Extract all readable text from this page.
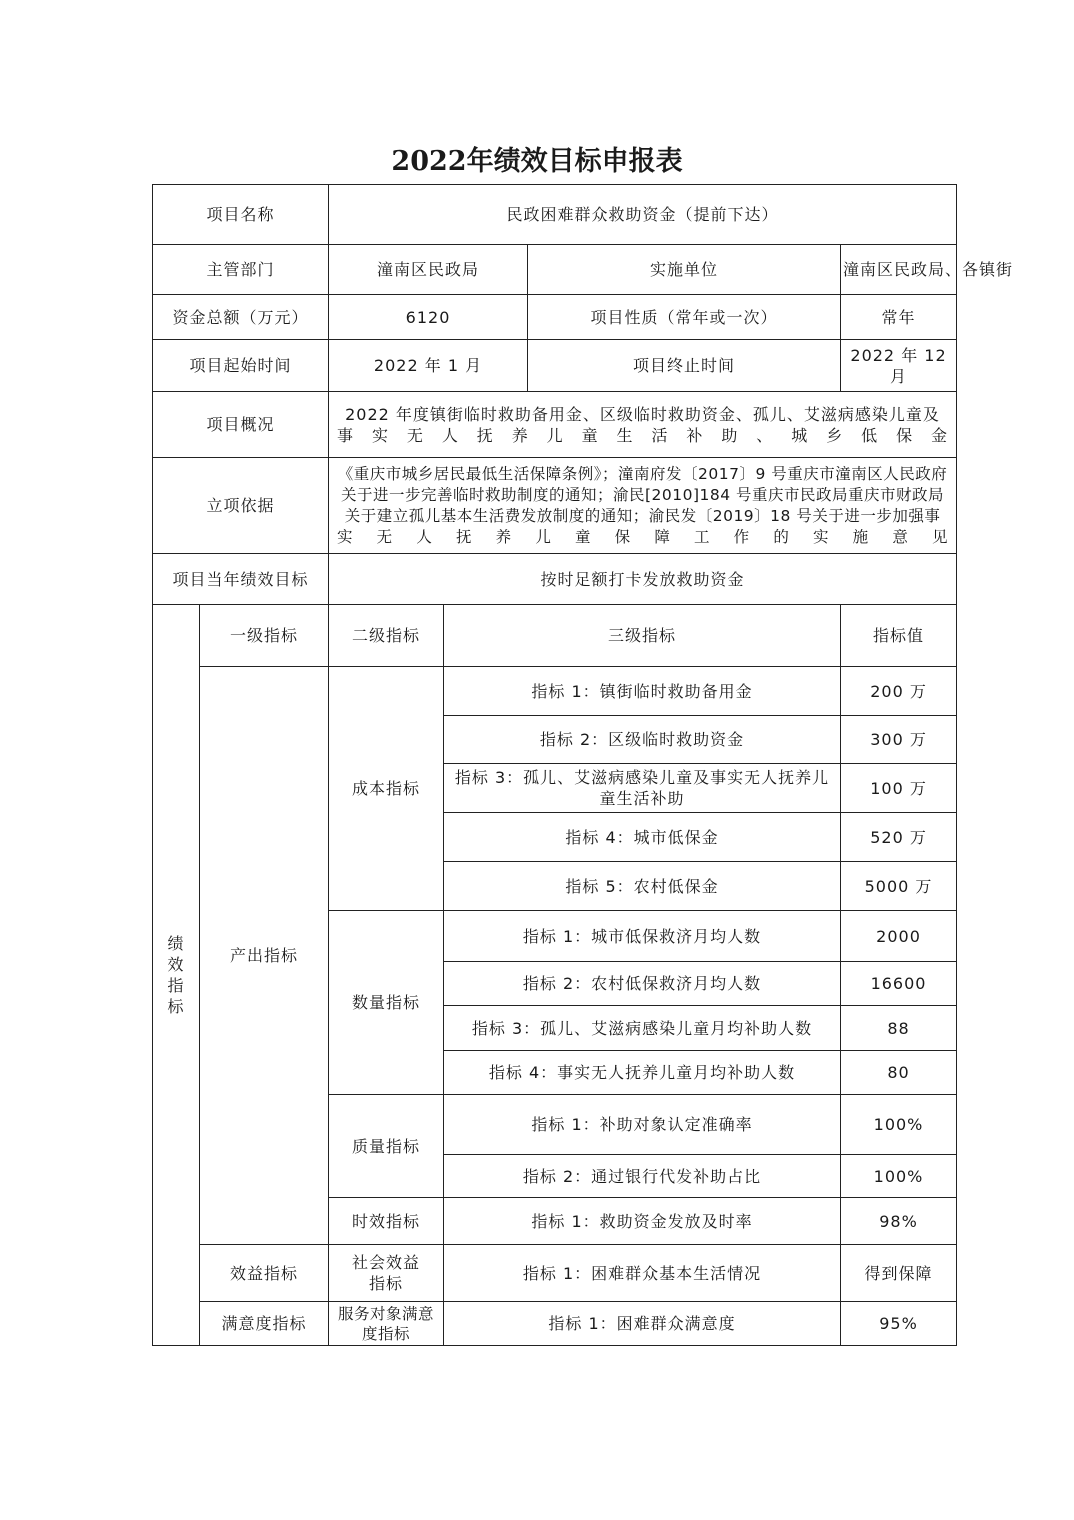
2022年绩效目标申报表
项目名称		民政困难群众救助资金（提前下达）			
主管部门		潼南区民政局		实施单位	潼南区民政局、各镇街
资金总额（万元）		6120		项目性质（常年或一次）	常年
项目起始时间		2022 年 1 月		项目终止时间	2022 年 12 月
项目概况		2022 年度镇街临时救助备用金、区级临时救助资金、孤儿、艾滋病感染儿童及事实无人抚养儿童生活补助、城乡低保金			
立项依据		《重庆市城乡居民最低生活保障条例》；潼南府发〔2017〕9 号重庆市潼南区人民政府关于进一步完善临时救助制度的通知；渝民[2010]184 号重庆市民政局重庆市财政局关于建立孤儿基本生活费发放制度的通知；渝民发〔2019〕18 号关于进一步加强事实无人抚养儿童保障工作的实施意见			
项目当年绩效目标		按时足额打卡发放救助资金			
绩效指标	一级指标	二级指标	三级指标		指标值
	产出指标	成本指标	指标 1：镇街临时救助备用金		200 万
			指标 2：区级临时救助资金		300 万
			指标 3：孤儿、艾滋病感染儿童及事实无人抚养儿童生活补助		100 万
			指标 4：城市低保金		520 万
			指标 5：农村低保金		5000 万
		数量指标	指标 1：城市低保救济月均人数		2000
			指标 2：农村低保救济月均人数		16600
			指标 3：孤儿、艾滋病感染儿童月均补助人数		88
			指标 4：事实无人抚养儿童月均补助人数		80
		质量指标	指标 1：补助对象认定准确率		100%
			指标 2：通过银行代发补助占比		100%
		时效指标	指标 1：救助资金发放及时率		98%
	效益指标	社会效益指标	指标 1：困难群众基本生活情况		得到保障
	满意度指标	服务对象满意度指标	指标 1：困难群众满意度		95%
